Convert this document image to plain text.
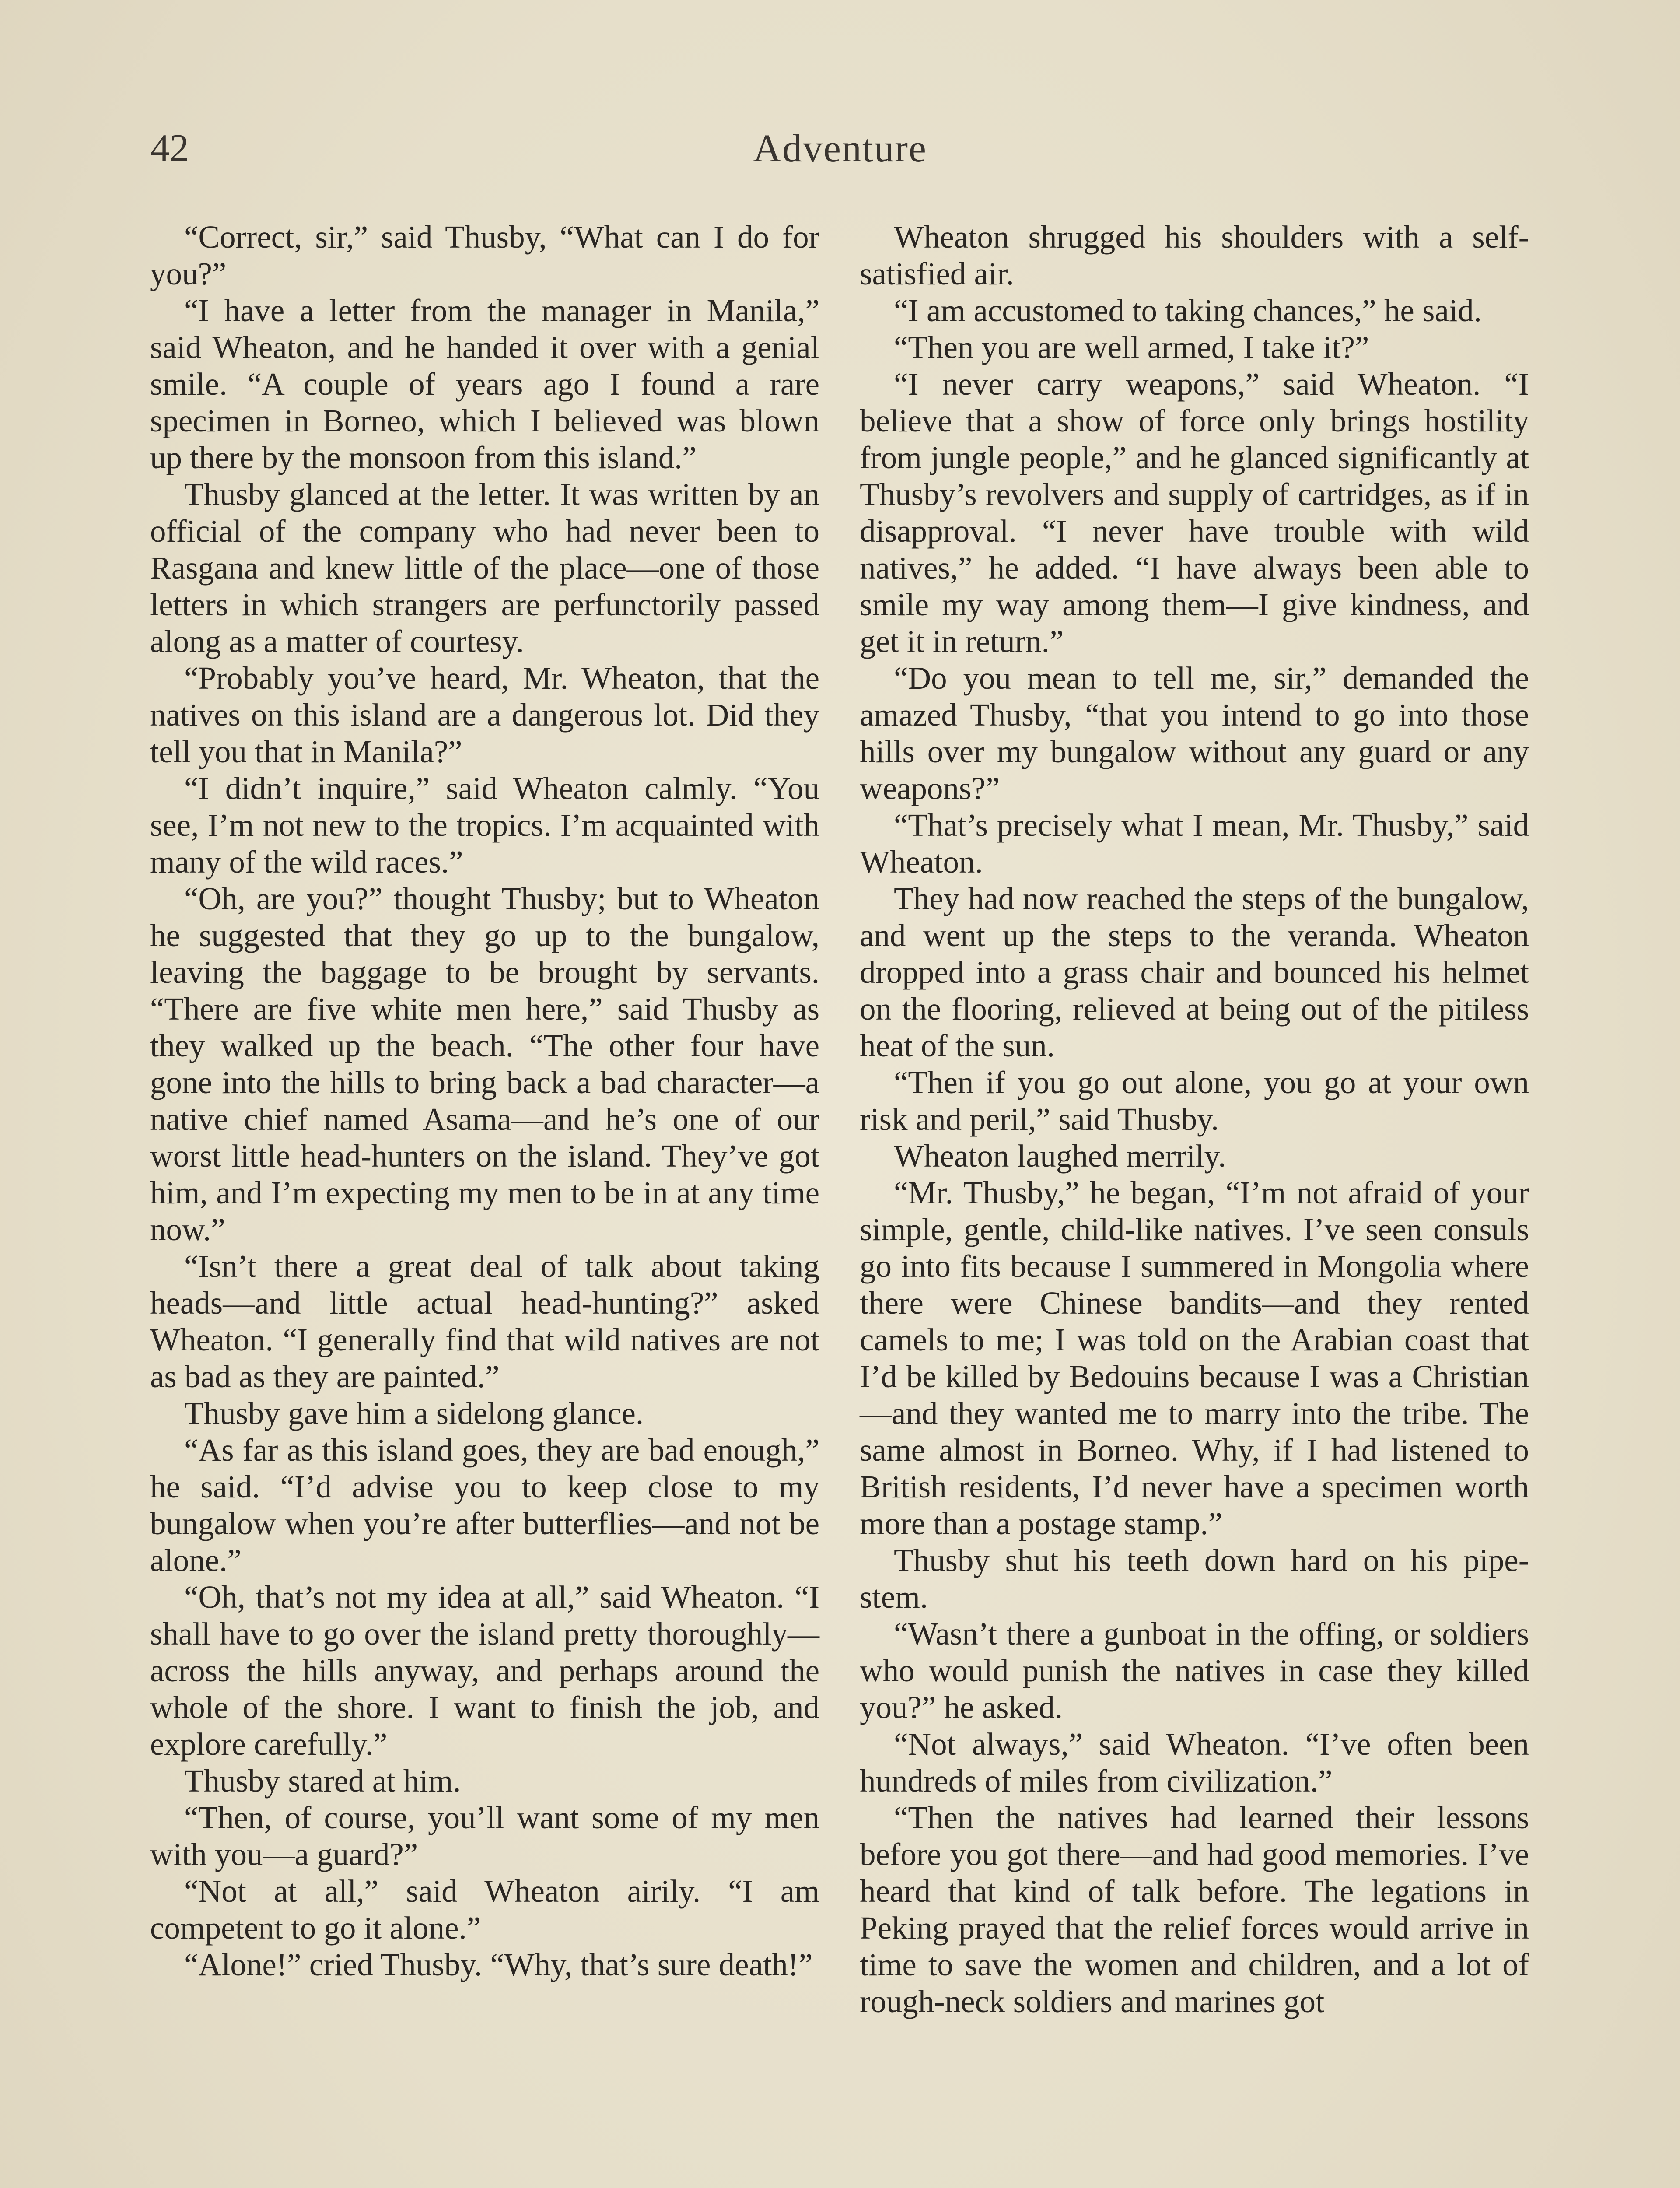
42	Adventure

“Correct, sir,” said Thusby, “What can I do for you?”

“I have a letter from the manager in Manila,” said Wheaton, and he handed it over with a genial smile. “A couple of years ago I found a rare specimen in Borneo, which I believed was blown up there by the monsoon from this island.”

Thusby glanced at the letter. It was written by an official of the company who had never been to Rasgana and knew little of the place—one of those letters in which strangers are perfunctorily passed along as a matter of courtesy.

“Probably you’ve heard, Mr. Wheaton, that the natives on this island are a dangerous lot. Did they tell you that in Manila?”

“I didn’t inquire,” said Wheaton calmly. “You see, I’m not new to the tropics. I’m acquainted with many of the wild races.”

“Oh, are you?” thought Thusby; but to Wheaton he suggested that they go up to the bungalow, leaving the baggage to be brought by servants. “There are five white men here,” said Thusby as they walked up the beach. “The other four have gone into the hills to bring back a bad character—a native chief named Asama—and he’s one of our worst little head-hunters on the island. They’ve got him, and I’m expecting my men to be in at any time now.”

“Isn’t there a great deal of talk about taking heads—and little actual head-hunting?” asked Wheaton. “I generally find that wild natives are not as bad as they are painted.”

Thusby gave him a sidelong glance.

“As far as this island goes, they are bad enough,” he said. “I’d advise you to keep close to my bungalow when you’re after butterflies—and not be alone.”

“Oh, that’s not my idea at all,” said Wheaton. “I shall have to go over the island pretty thoroughly—across the hills anyway, and perhaps around the whole of the shore. I want to finish the job, and explore carefully.”

Thusby stared at him.

“Then, of course, you’ll want some of my men with you—a guard?”

“Not at all,” said Wheaton airily. “I am competent to go it alone.”

“Alone!” cried Thusby. “Why, that’s sure death!”

Wheaton shrugged his shoulders with a self-satisfied air.

“I am accustomed to taking chances,” he said.

“Then you are well armed, I take it?”

“I never carry weapons,” said Wheaton. “I believe that a show of force only brings hostility from jungle people,” and he glanced significantly at Thusby’s revolvers and supply of cartridges, as if in disapproval. “I never have trouble with wild natives,” he added. “I have always been able to smile my way among them—I give kindness, and get it in return.”

“Do you mean to tell me, sir,” demanded the amazed Thusby, “that you intend to go into those hills over my bungalow without any guard or any weapons?”

“That’s precisely what I mean, Mr. Thusby,” said Wheaton.

They had now reached the steps of the bungalow, and went up the steps to the veranda. Wheaton dropped into a grass chair and bounced his helmet on the flooring, relieved at being out of the pitiless heat of the sun.

“Then if you go out alone, you go at your own risk and peril,” said Thusby.

Wheaton laughed merrily.

“Mr. Thusby,” he began, “I’m not afraid of your simple, gentle, child-like natives. I’ve seen consuls go into fits because I summered in Mongolia where there were Chinese bandits—and they rented camels to me; I was told on the Arabian coast that I’d be killed by Bedouins because I was a Christian—and they wanted me to marry into the tribe. The same almost in Borneo. Why, if I had listened to British residents, I’d never have a specimen worth more than a postage stamp.”

Thusby shut his teeth down hard on his pipe-stem.

“Wasn’t there a gunboat in the offing, or soldiers who would punish the natives in case they killed you?” he asked.

“Not always,” said Wheaton. “I’ve often been hundreds of miles from civilization.”

“Then the natives had learned their lessons before you got there—and had good memories. I’ve heard that kind of talk before. The legations in Peking prayed that the relief forces would arrive in time to save the women and children, and a lot of rough-neck soldiers and marines got
